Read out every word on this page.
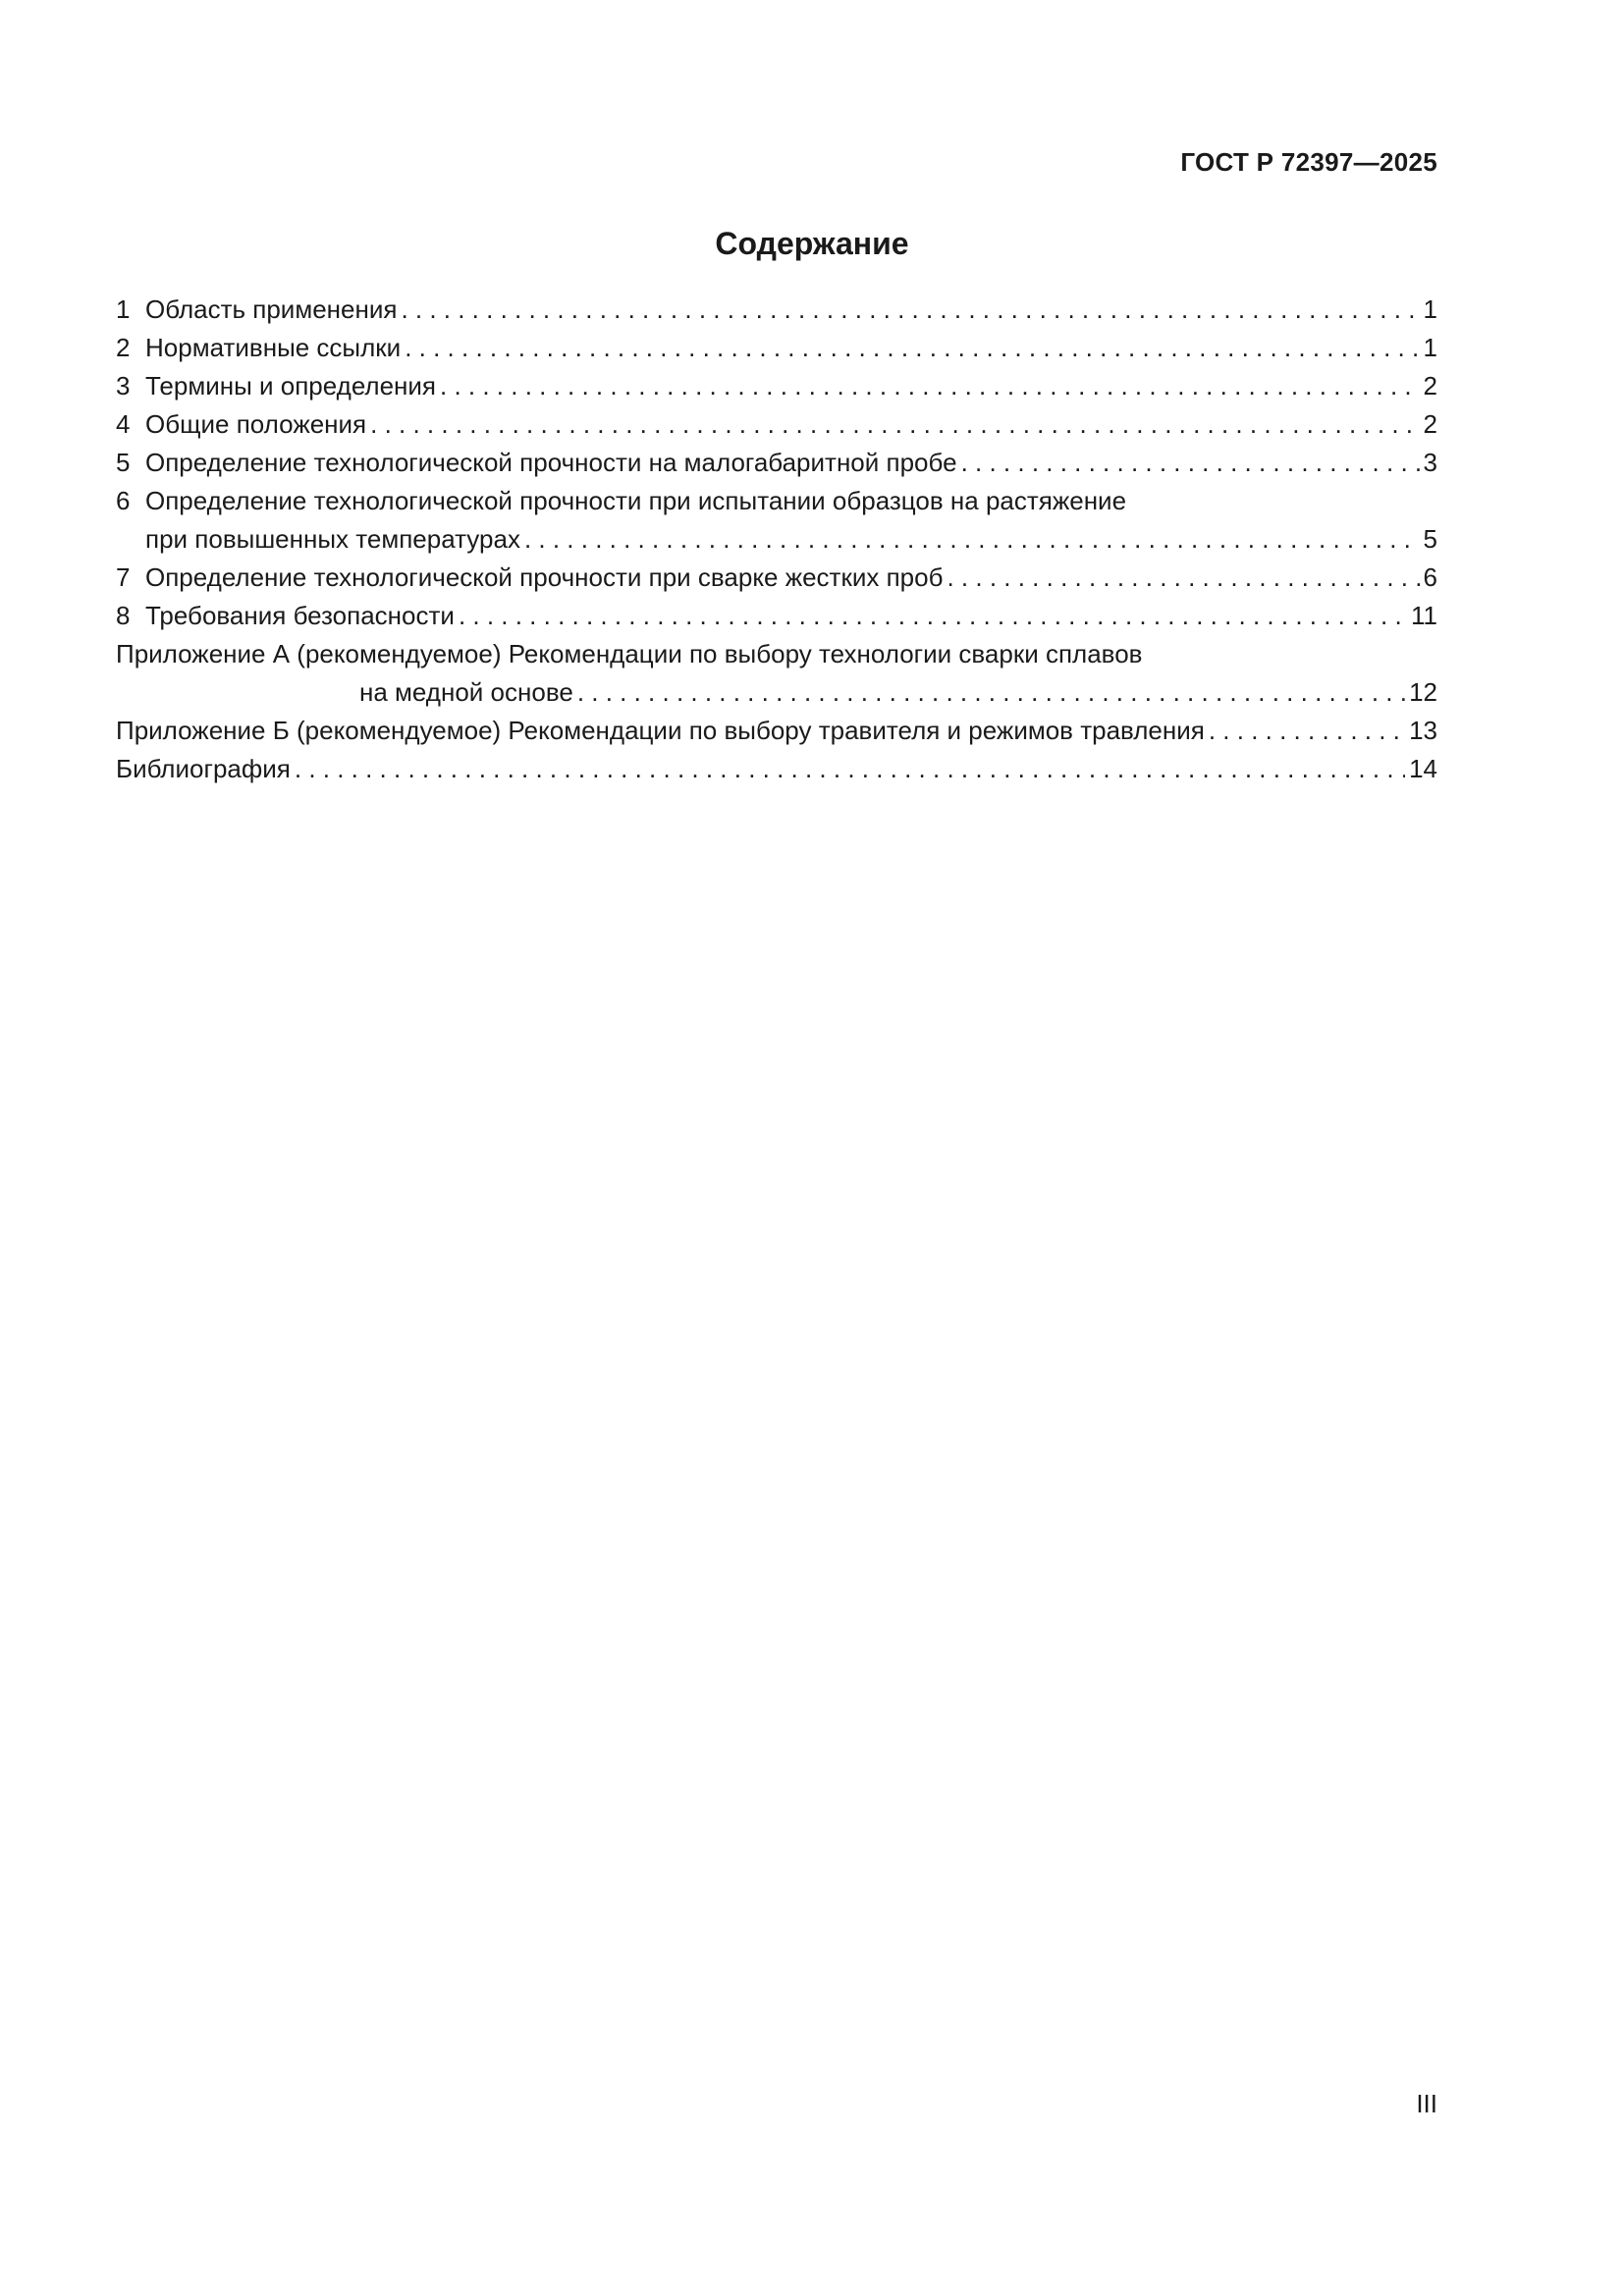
ГОСТ Р 72397—2025
Содержание
1 Область применения . . .	1
2 Нормативные ссылки . . .	1
3 Термины и определения . . .	2
4 Общие положения . . .	2
5 Определение технологической прочности на малогабаритной пробе . . .	3
6 Определение технологической прочности при испытании образцов на растяжение
при повышенных температурах . . .	5
7 Определение технологической прочности при сварке жестких проб . . .	6
8 Требования безопасности . . .	11
Приложение А (рекомендуемое) Рекомендации по выбору технологии сварки сплавов
на медной основе . . .	12
Приложение Б (рекомендуемое) Рекомендации по выбору травителя и режимов травления . . .	13
Библиография . . .	14
III
